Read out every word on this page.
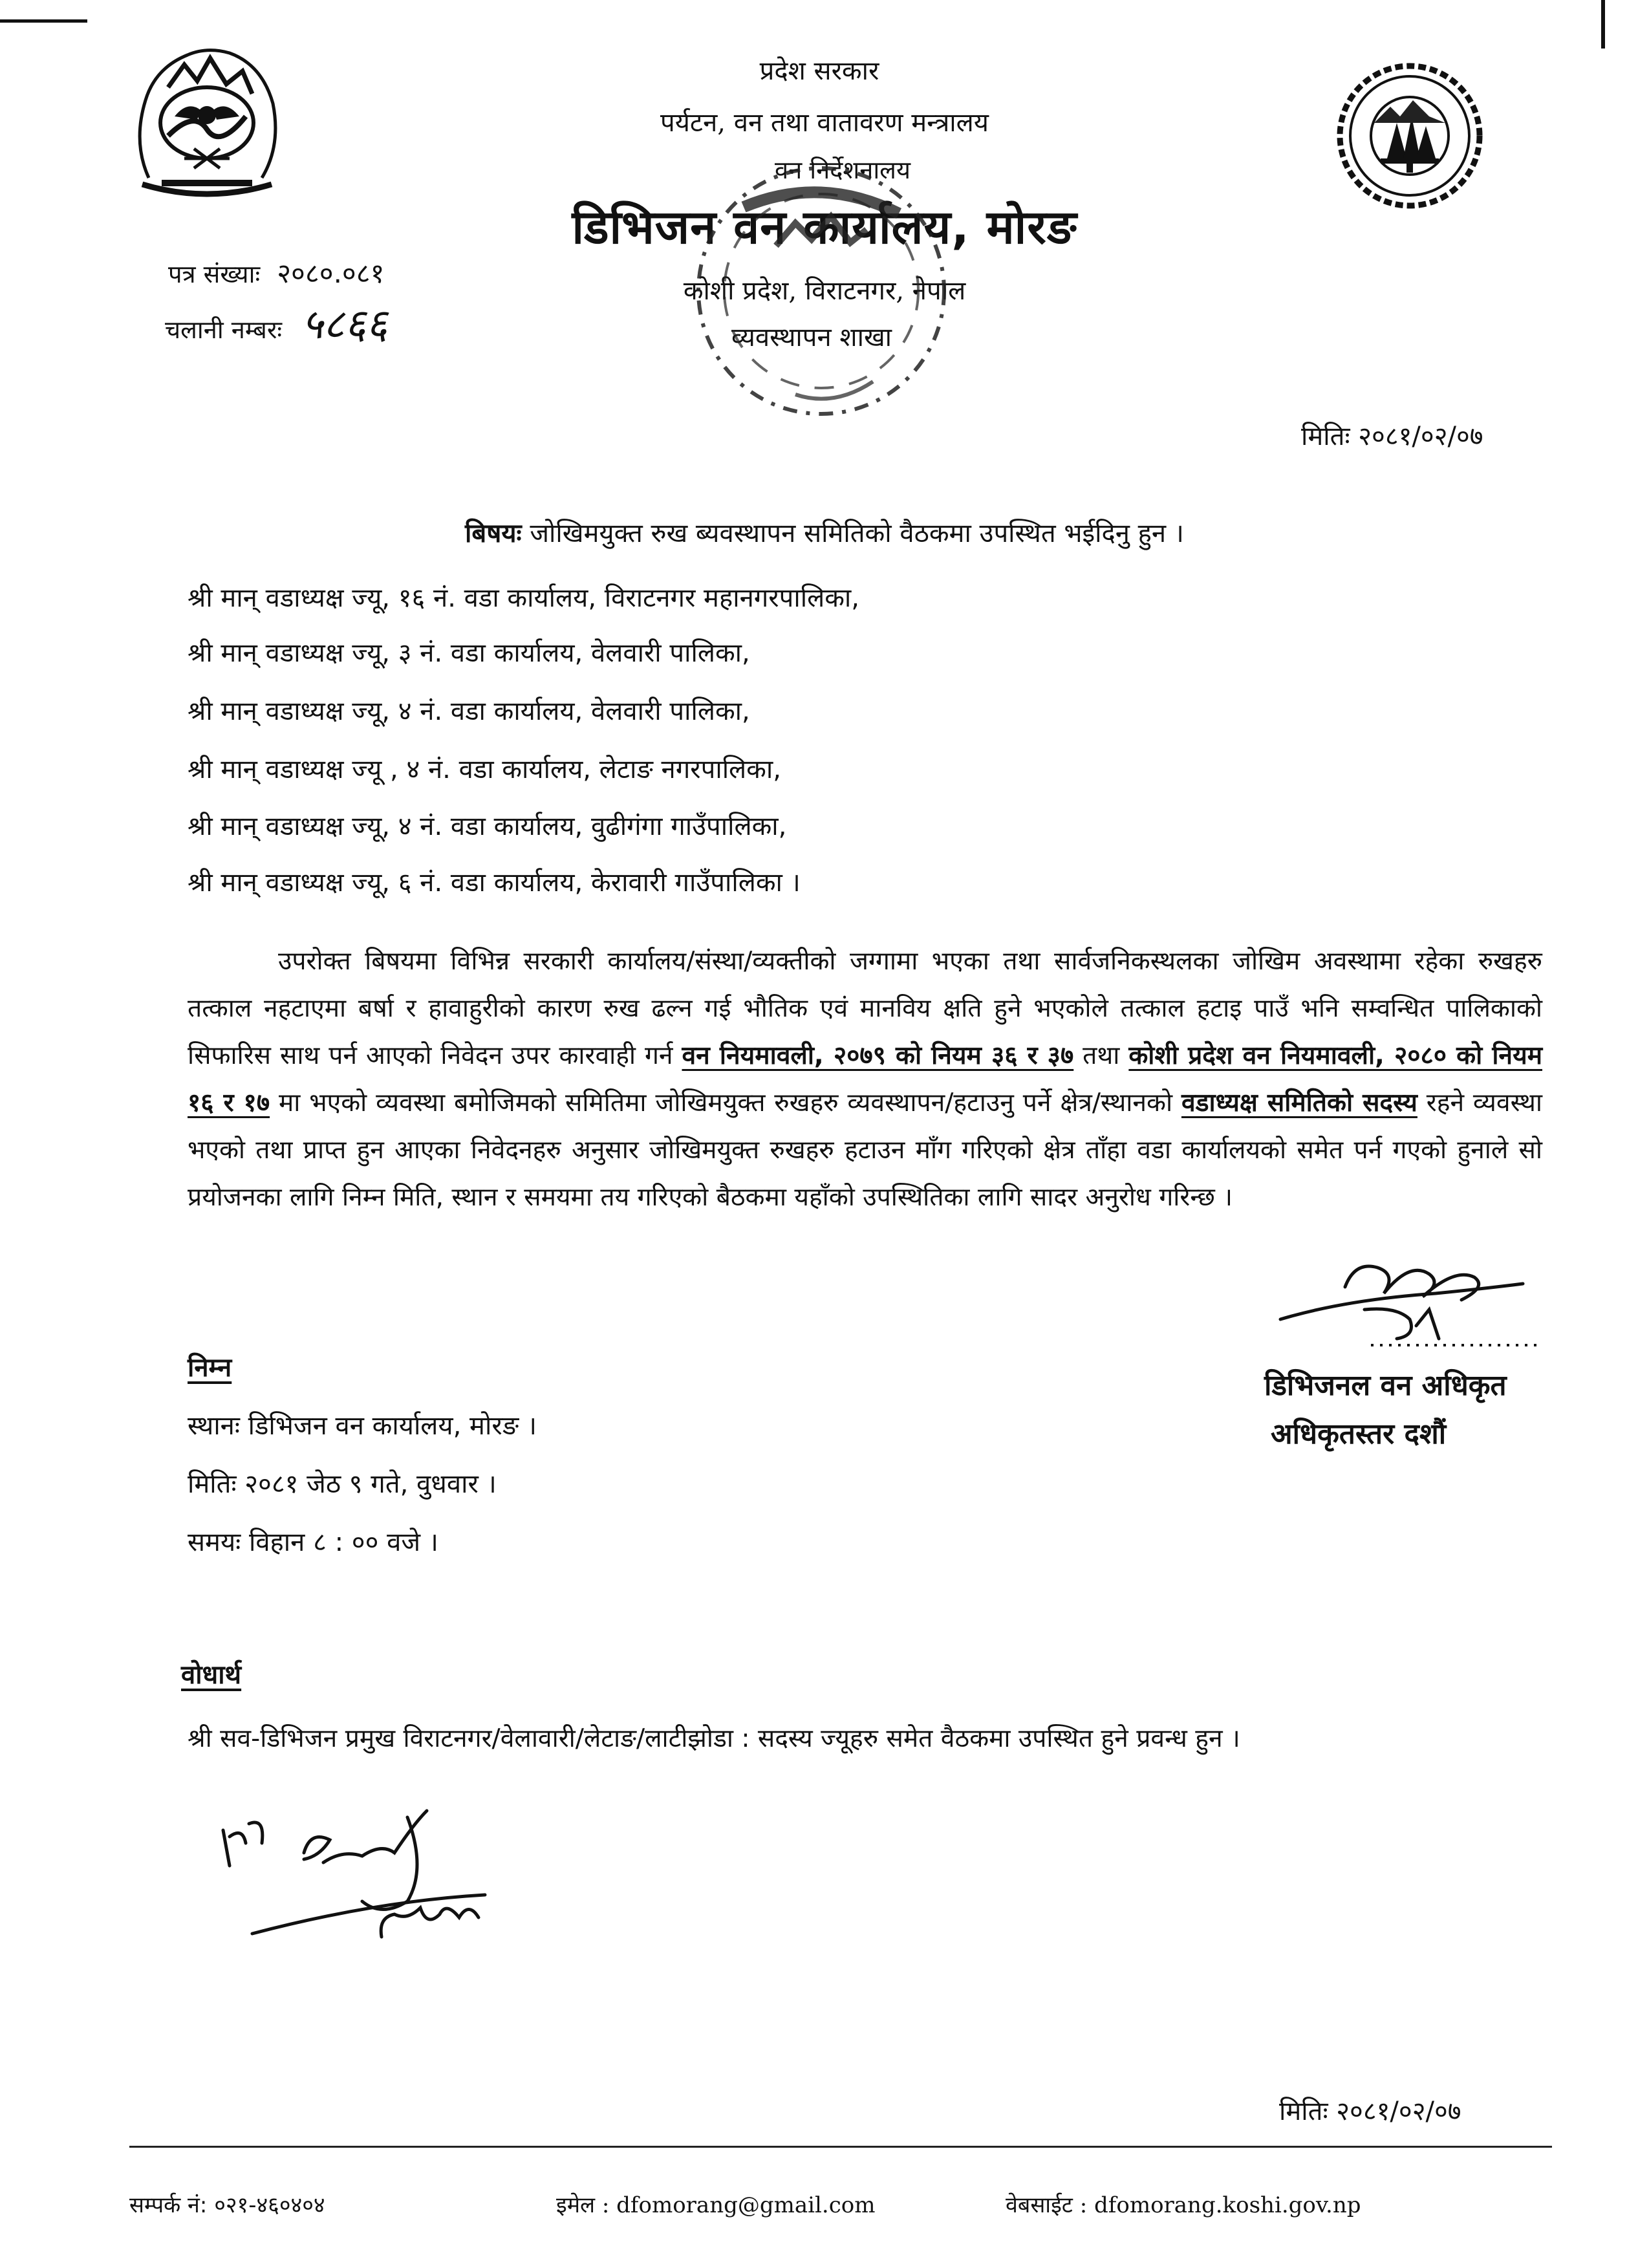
प्रदेश सरकार
पर्यटन, वन तथा वातावरण मन्त्रालय
वन निर्देशनालय
डिभिजन वन कार्यालय, मोरङ
कोशी प्रदेश, विराटनगर, नेपाल
व्यवस्थापन शाखा
पत्र संख्याः २०८०.०८१
चलानी नम्बरः ५८६६
मितिः २०८१/०२/०७
बिषयः जोखिमयुक्त रुख ब्यवस्थापन समितिको वैठकमा उपस्थित भईदिनु हुन ।
श्री मान् वडाध्यक्ष ज्यू, १६ नं. वडा कार्यालय, विराटनगर महानगरपालिका,
श्री मान् वडाध्यक्ष ज्यू, ३ नं. वडा कार्यालय, वेलवारी पालिका,
श्री मान् वडाध्यक्ष ज्यू, ४ नं. वडा कार्यालय, वेलवारी पालिका,
श्री मान् वडाध्यक्ष ज्यू , ४ नं. वडा कार्यालय, लेटाङ नगरपालिका,
श्री मान् वडाध्यक्ष ज्यू, ४ नं. वडा कार्यालय, वुढीगंगा गाउँपालिका,
श्री मान् वडाध्यक्ष ज्यू, ६ नं. वडा कार्यालय, केरावारी गाउँपालिका ।
उपरोक्त बिषयमा विभिन्न सरकारी कार्यालय/संस्था/व्यक्तीको जग्गामा भएका तथा सार्वजनिकस्थलका जोखिम अवस्थामा रहेका रुखहरु तत्काल नहटाएमा बर्षा र हावाहुरीको कारण रुख ढल्न गई भौतिक एवं मानविय क्षति हुने भएकोले तत्काल हटाइ पाउँ भनि सम्वन्धित पालिकाको सिफारिस साथ पर्न आएको निवेदन उपर कारवाही गर्न वन नियमावली, २०७९ को नियम ३६ र ३७ तथा कोशी प्रदेश वन नियमावली, २०८० को नियम १६ र १७ मा भएको व्यवस्था बमोजिमको समितिमा जोखिमयुक्त रुखहरु व्यवस्थापन/हटाउनु पर्ने क्षेत्र/स्थानको वडाध्यक्ष समितिको सदस्य रहने व्यवस्था भएको तथा प्राप्त हुन आएका निवेदनहरु अनुसार जोखिमयुक्त रुखहरु हटाउन माँग गरिएको क्षेत्र ताँहा वडा कार्यालयको समेत पर्न गएको हुनाले सो प्रयोजनका लागि निम्न मिति, स्थान र समयमा तय गरिएको बैठकमा यहाँको उपस्थितिका लागि सादर अनुरोध गरिन्छ ।
डिभिजनल वन अधिकृत
अधिकृतस्तर दशौं
निम्न
स्थानः डिभिजन वन कार्यालय, मोरङ ।
मितिः २०८१ जेठ ९ गते, वुधवार ।
समयः विहान ८ : ०० वजे ।
वोधार्थ
श्री सव-डिभिजन प्रमुख विराटनगर/वेलावारी/लेटाङ/लाटीझोडा : सदस्य ज्यूहरु समेत वैठकमा उपस्थित हुने प्रवन्ध हुन ।
मितिः २०८१/०२/०७
सम्पर्क नं: ०२१-४६०४०४	इमेल : dfomorang@gmail.com	वेबसाईट : dfomorang.koshi.gov.np
